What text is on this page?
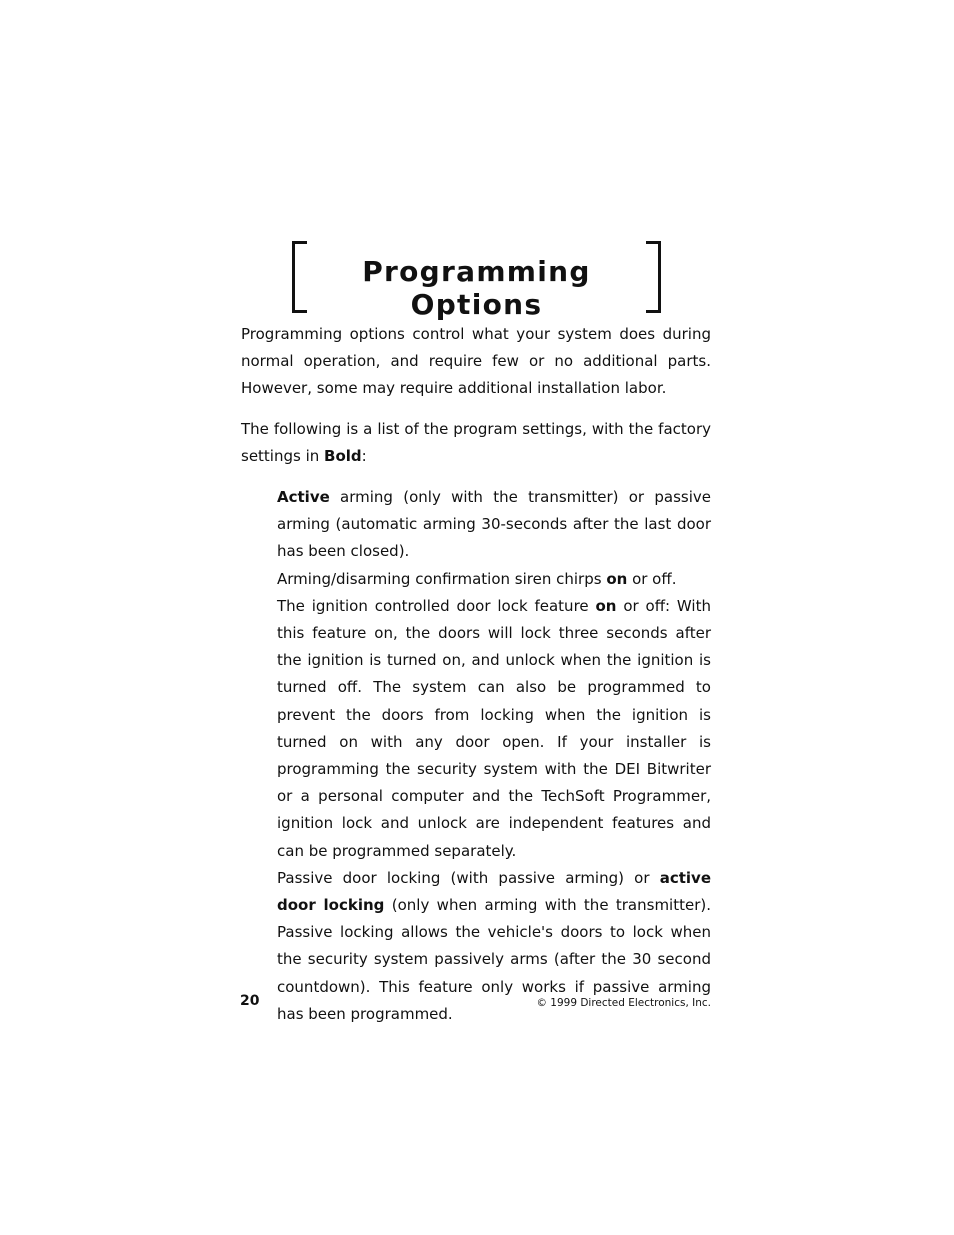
Programming Options

Programming options control what your system does during normal operation, and require few or no additional parts. However, some may require additional installation labor.

The following is a list of the program settings, with the factory settings in Bold:

Active arming (only with the transmitter) or passive arming (automatic arming 30-seconds after the last door has been closed).

Arming/disarming confirmation siren chirps on or off.

The ignition controlled door lock feature on or off: With this feature on, the doors will lock three seconds after the ignition is turned on, and unlock when the ignition is turned off. The system can also be programmed to prevent the doors from locking when the ignition is turned on with any door open. If your installer is programming the security system with the DEI Bitwriter or a personal computer and the TechSoft Programmer, ignition lock and unlock are independent features and can be programmed separately.

Passive door locking (with passive arming) or active door locking (only when arming with the transmitter). Passive locking allows the vehicle's doors to lock when the security system passively arms (after the 30 second countdown). This feature only works if passive arming has been programmed.

20	© 1999 Directed Electronics, Inc.
